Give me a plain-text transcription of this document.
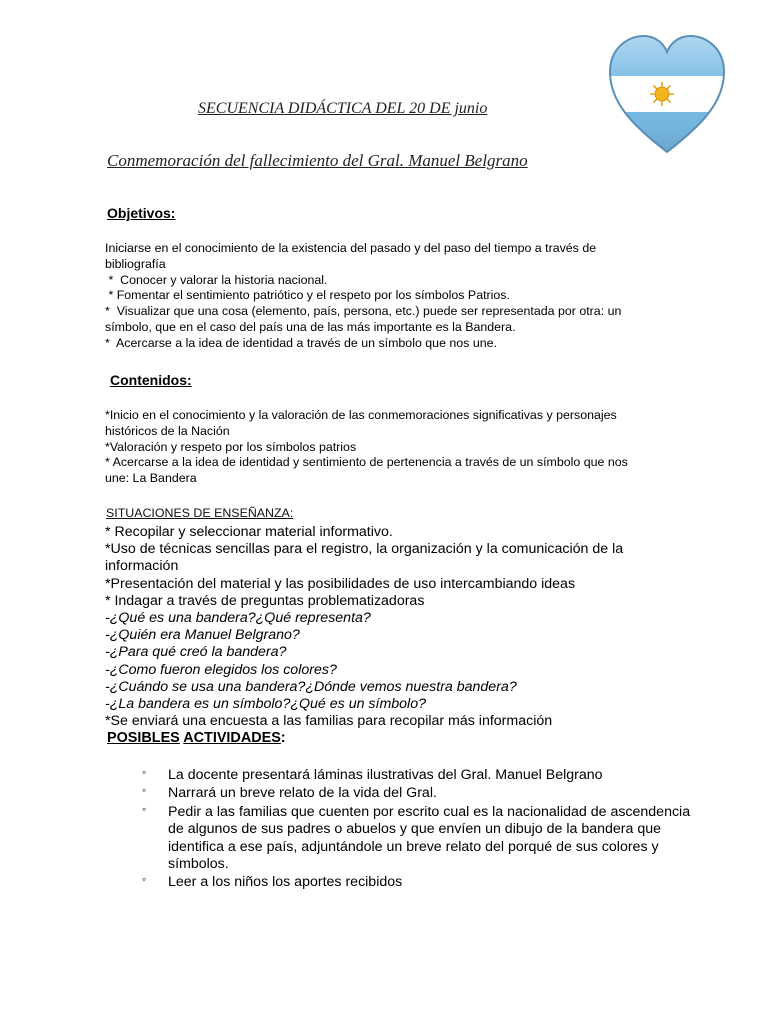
SECUENCIA DIDÁCTICA DEL 20 DE junio
Conmemoración del fallecimiento del Gral. Manuel Belgrano
Objetivos:
Iniciarse en el conocimiento de la existencia del pasado y del paso del tiempo a través de
bibliografía
*  Conocer y valorar la historia nacional.
* Fomentar el sentimiento patriótico y el respeto por los símbolos Patrios.
*  Visualizar que una cosa (elemento, país, persona, etc.) puede ser representada por otra: un
símbolo, que en el caso del país una de las más importante es la Bandera.
*  Acercarse a la idea de identidad a través de un símbolo que nos une.
Contenidos:
*Inicio en el conocimiento y la valoración de las conmemoraciones significativas y personajes
históricos de la Nación
*Valoración y respeto por los símbolos patrios
* Acercarse a la idea de identidad y sentimiento de pertenencia a través de un símbolo que nos
une: La Bandera
SITUACIONES DE ENSEÑANZA:
* Recopilar y seleccionar material informativo.
*Uso de técnicas sencillas para el registro, la organización y la comunicación de la
información
*Presentación del material y las posibilidades de uso intercambiando ideas
* Indagar a través de preguntas problematizadoras
-¿Qué es una bandera?¿Qué representa?
-¿Quién era Manuel Belgrano?
-¿Para qué creó la bandera?
-¿Como fueron elegidos los colores?
-¿Cuándo se usa una bandera?¿Dónde vemos nuestra bandera?
-¿La bandera es un símbolo?¿Qué es un símbolo?
*Se enviará una encuesta a las familias para recopilar más información
POSIBLES ACTIVIDADES:
◦ La docente presentará láminas ilustrativas del Gral. Manuel Belgrano
◦ Narrará un breve relato de la vida del Gral.
◦ Pedir a las familias que cuenten por escrito cual es la nacionalidad de ascendencia de algunos de sus padres o abuelos y que envíen un dibujo de la bandera que identifica a ese país, adjuntándole un breve relato del porqué de sus colores y símbolos.
◦ Leer a los niños los aportes recibidos
